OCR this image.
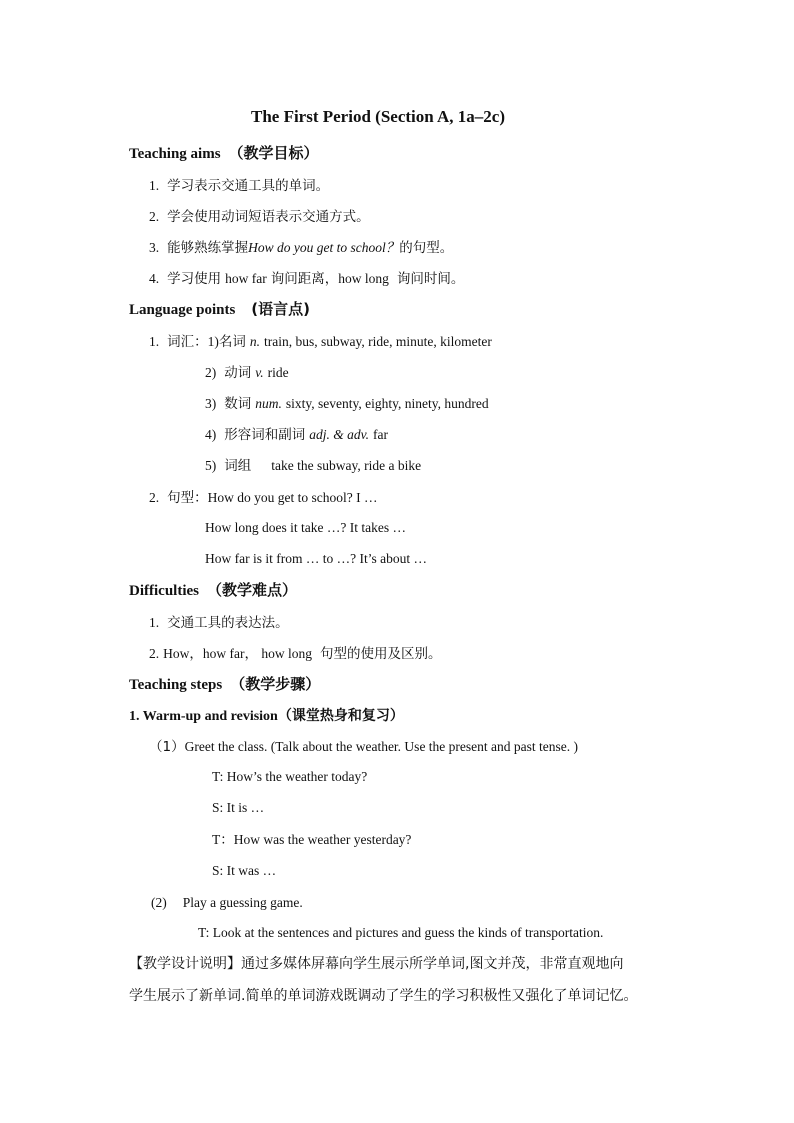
The First Period (Section A, 1a–2c)
Teaching aims （教学目标）
1. 学习表示交通工具的单词。
2. 学会使用动词短语表示交通方式。
3. 能够熟练掌握How do you get to school？的句型。
4. 学习使用 how far 询问距离，how long 询问时间。
Language points (语言点)
1. 词汇：1)名词 n. train, bus, subway, ride, minute, kilometer
2) 动词 v. ride
3) 数词 num. sixty, seventy, eighty, ninety, hundred
4) 形容词和副词 adj. & adv. far
5) 词组 take the subway, ride a bike
2. 句型：How do you get to school? I …
How long does it take …? It takes …
How far is it from … to …? It’s about …
Difficulties （教学难点）
1. 交通工具的表达法。
2. How，how far， how long 句型的使用及区别。
Teaching steps （教学步骤）
1. Warm-up and revision（课堂热身和复习）
（1）Greet the class. (Talk about the weather. Use the present and past tense. )
T: How’s the weather today?
S: It is …
T：How was the weather yesterday?
S: It was …
(2) Play a guessing game.
T: Look at the sentences and pictures and guess the kinds of transportation.
【教学设计说明】通过多媒体屏幕向学生展示所学单词,图文并茂，非常直观地向
学生展示了新单词.简单的单词游戏既调动了学生的学习积极性又强化了单词记忆。
